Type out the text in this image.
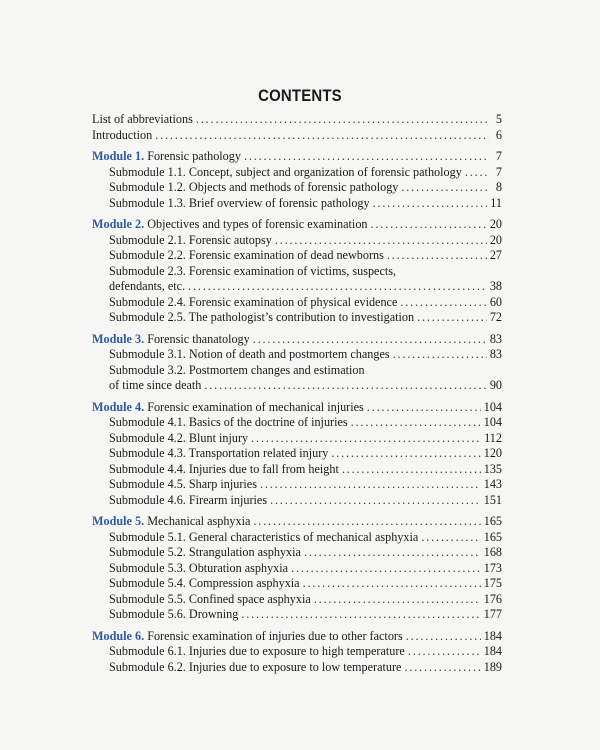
CONTENTS
List of abbreviations . . .	5
Introduction . . .	6
Module 1. Forensic pathology . . .	7
Submodule 1.1. Concept, subject and organization of forensic pathology . . .	7
Submodule 1.2. Objects and methods of forensic pathology . . .	8
Submodule 1.3. Brief overview of forensic pathology . . .	11
Module 2. Objectives and types of forensic examination . . .	20
Submodule 2.1. Forensic autopsy . . .	20
Submodule 2.2. Forensic examination of dead newborns . . .	27
Submodule 2.3. Forensic examination of victims, suspects,
defendants, etc. . . .	38
Submodule 2.4. Forensic examination of physical evidence . . .	60
Submodule 2.5. The pathologist’s contribution to investigation . . .	72
Module 3. Forensic thanatology . . .	83
Submodule 3.1. Notion of death and postmortem changes . . .	83
Submodule 3.2. Postmortem changes and estimation
of time since death . . .	90
Module 4. Forensic examination of mechanical injuries . . .	104
Submodule 4.1. Basics of the doctrine of injuries . . .	104
Submodule 4.2. Blunt injury . . .	112
Submodule 4.3. Transportation related injury . . .	120
Submodule 4.4. Injuries due to fall from height . . .	135
Submodule 4.5. Sharp injuries . . .	143
Submodule 4.6. Firearm injuries . . .	151
Module 5. Mechanical asphyxia . . .	165
Submodule 5.1. General characteristics of mechanical asphyxia . . .	165
Submodule 5.2. Strangulation asphyxia . . .	168
Submodule 5.3. Obturation asphyxia . . .	173
Submodule 5.4. Compression asphyxia . . .	175
Submodule 5.5. Confined space asphyxia . . .	176
Submodule 5.6. Drowning . . .	177
Module 6. Forensic examination of injuries due to other factors . . .	184
Submodule 6.1. Injuries due to exposure to high temperature . . .	184
Submodule 6.2. Injuries due to exposure to low temperature . . .	189
